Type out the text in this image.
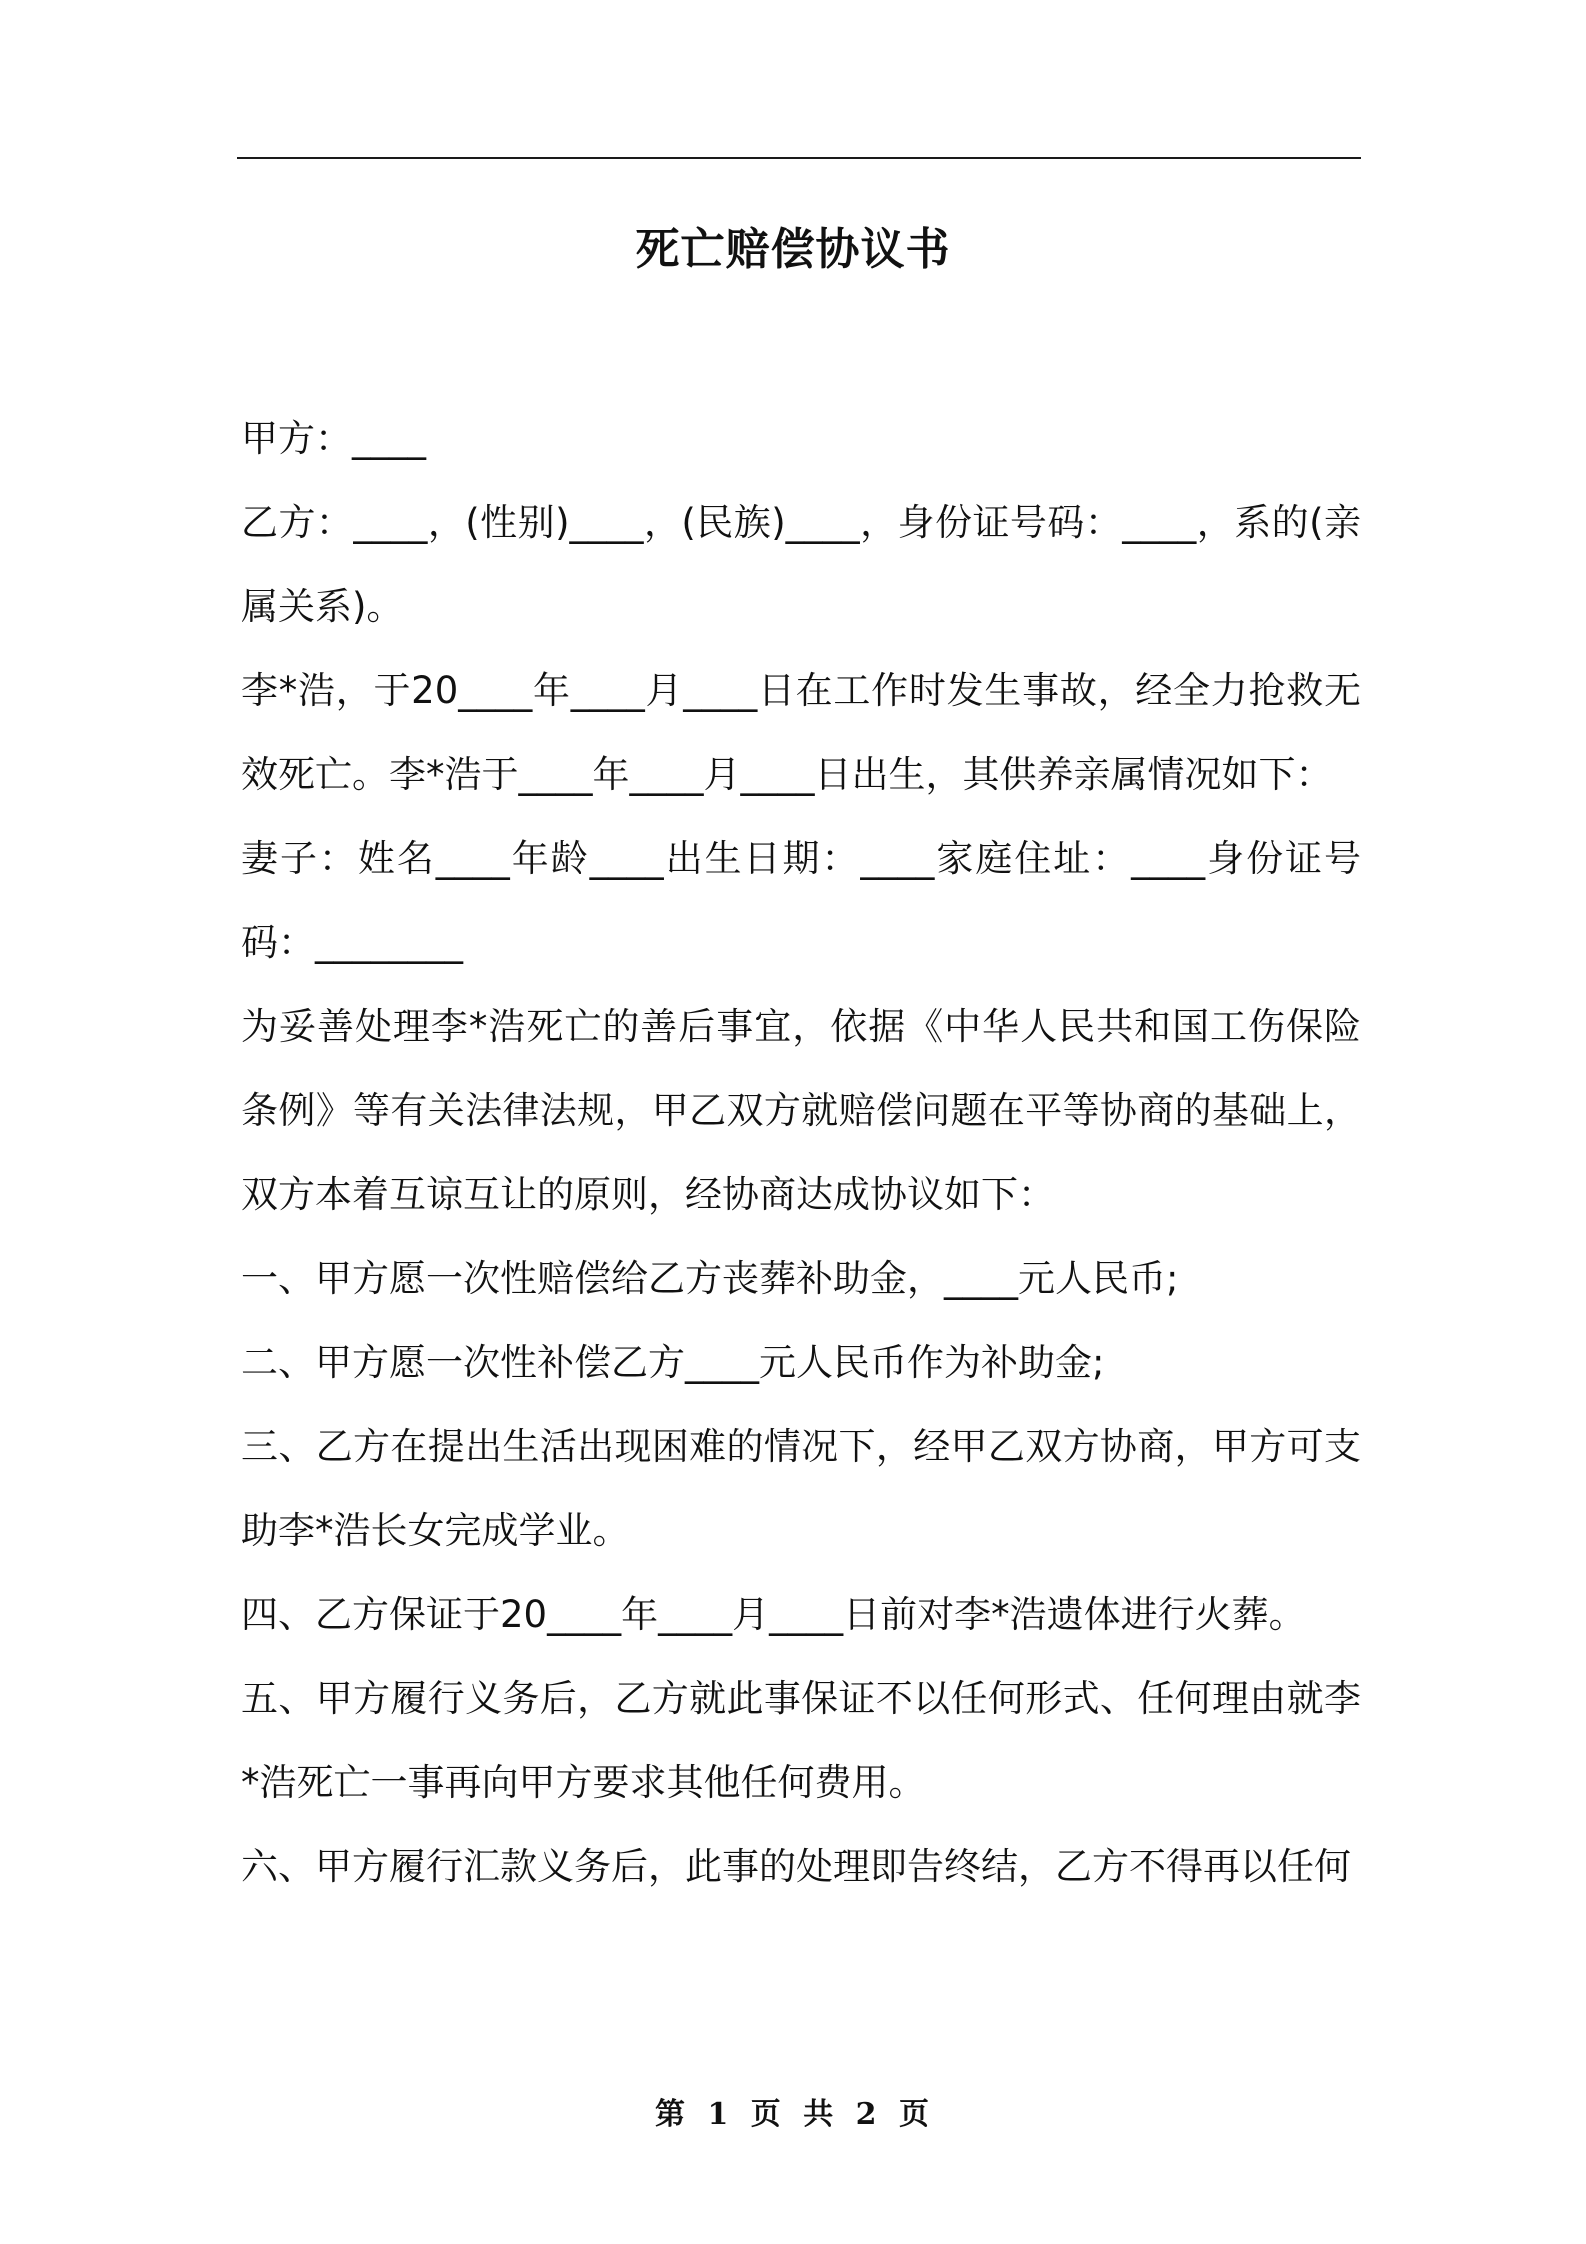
死亡赔偿协议书

甲方：____

乙方：____，(性别)____，(民族)____，身份证号码：____，系的(亲属关系)。

李*浩，于20____年____月____日在工作时发生事故，经全力抢救无效死亡。李*浩于____年____月____日出生，其供养亲属情况如下：

妻子：姓名____年龄____出生日期：____家庭住址：____身份证号码：________

为妥善处理李*浩死亡的善后事宜，依据《中华人民共和国工伤保险条例》等有关法律法规，甲乙双方就赔偿问题在平等协商的基础上，双方本着互谅互让的原则，经协商达成协议如下：

一、甲方愿一次性赔偿给乙方丧葬补助金，____元人民币;

二、甲方愿一次性补偿乙方____元人民币作为补助金;

三、乙方在提出生活出现困难的情况下，经甲乙双方协商，甲方可支助李*浩长女完成学业。

四、乙方保证于20____年____月____日前对李*浩遗体进行火葬。

五、甲方履行义务后，乙方就此事保证不以任何形式、任何理由就李*浩死亡一事再向甲方要求其他任何费用。

六、甲方履行汇款义务后，此事的处理即告终结，乙方不得再以任何

第 1 页 共 2 页
